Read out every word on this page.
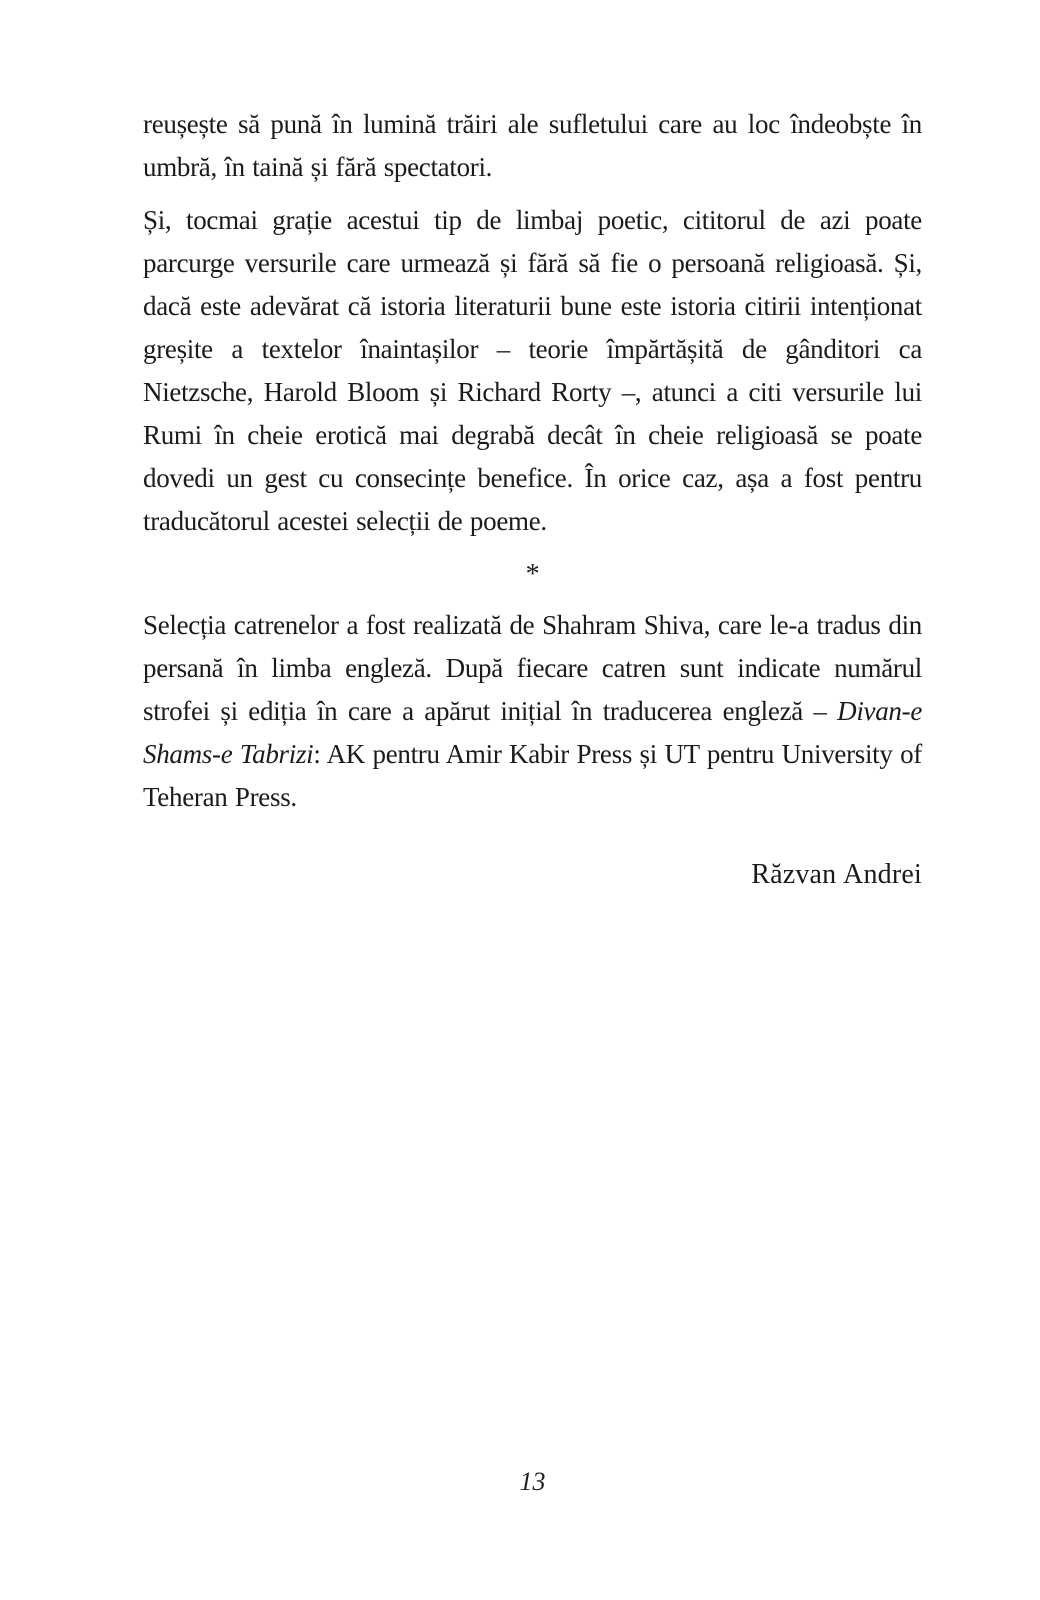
reușește să pună în lumină trăiri ale sufletului care au loc îndeobște în umbră, în taină și fără spectatori.

Și, tocmai grație acestui tip de limbaj poetic, cititorul de azi poate parcurge versurile care urmează și fără să fie o persoană religioasă. Și, dacă este adevărat că istoria literaturii bune este istoria citirii intenționat greșite a textelor înaintașilor – teorie împărtășită de gânditori ca Nietzsche, Harold Bloom și Richard Rorty –, atunci a citi versurile lui Rumi în cheie erotică mai degrabă decât în cheie religioasă se poate dovedi un gest cu consecințe benefice. În orice caz, așa a fost pentru traducătorul acestei selecții de poeme.

*

Selecția catrenelor a fost realizată de Shahram Shiva, care le-a tradus din persană în limba engleză. După fiecare catren sunt indicate numărul strofei și ediția în care a apărut inițial în traducerea engleză – Divan-e Shams-e Tabrizi: AK pentru Amir Kabir Press și UT pentru University of Teheran Press.

Răzvan Andrei

13
